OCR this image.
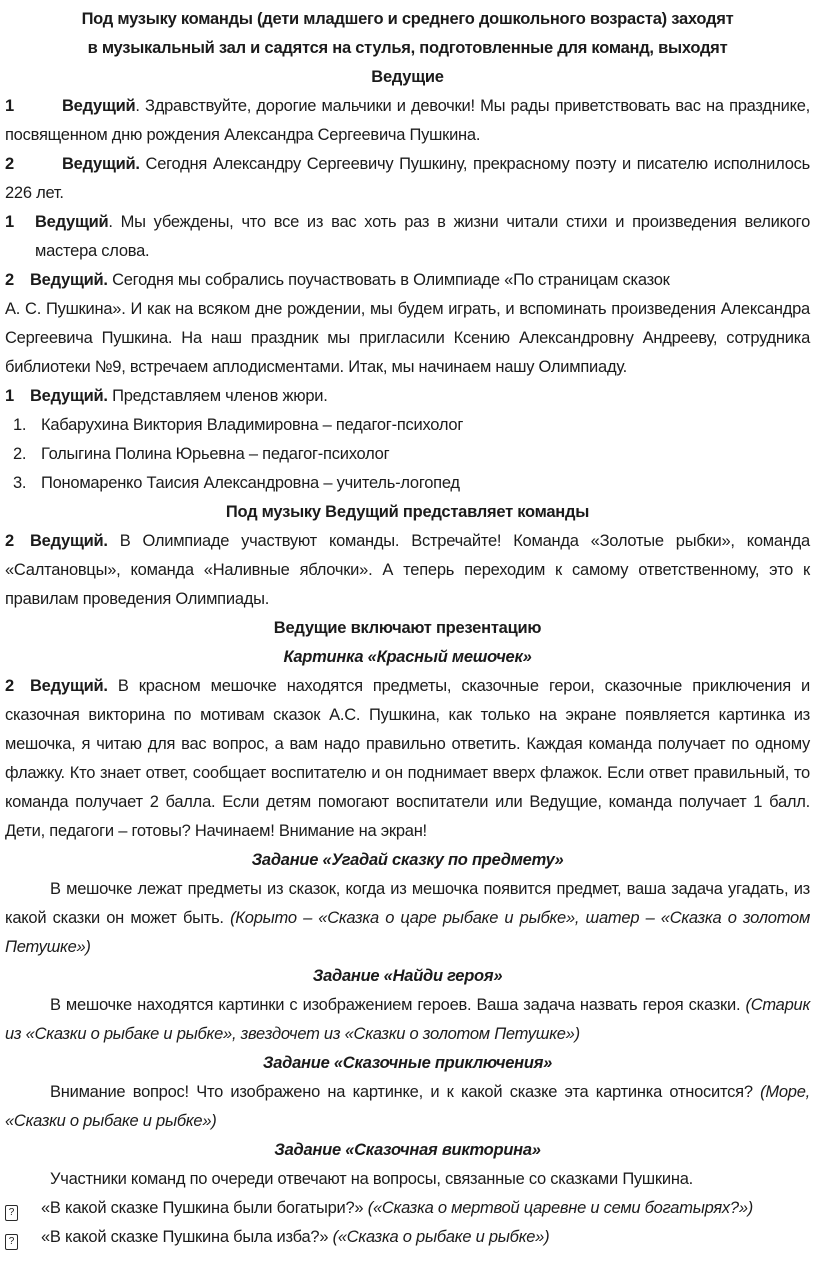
Под музыку команды (дети младшего и среднего дошкольного возраста) заходят
в музыкальный зал и садятся на стулья, подготовленные для команд, выходят
Ведущие
1	Ведущий. Здравствуйте, дорогие мальчики и девочки! Мы рады приветствовать вас на празднике, посвященном дню рождения Александра Сергеевича Пушкина.
2	Ведущий. Сегодня Александру Сергеевичу Пушкину, прекрасному поэту и писателю исполнилось 226 лет.
1 Ведущий. Мы убеждены, что все из вас хоть раз в жизни читали стихи и произведения великого мастера слова.
2 Ведущий. Сегодня мы собрались поучаствовать в Олимпиаде «По страницам сказок
А. С. Пушкина». И как на всяком дне рождении, мы будем играть, и вспоминать произведения Александра Сергеевича Пушкина. На наш праздник мы пригласили Ксению Александровну Андрееву, сотрудника библиотеки №9, встречаем аплодисментами. Итак, мы начинаем нашу Олимпиаду.
1 Ведущий. Представляем членов жюри.
1. Кабарухина Виктория Владимировна – педагог-психолог
2. Голыгина Полина Юрьевна – педагог-психолог
3. Пономаренко Таисия Александровна – учитель-логопед
Под музыку Ведущий представляет команды
2 Ведущий. В Олимпиаде участвуют команды. Встречайте! Команда «Золотые рыбки», команда «Салтановцы», команда «Наливные яблочки». А теперь переходим к самому ответственному, это к правилам проведения Олимпиады.
Ведущие включают презентацию
Картинка «Красный мешочек»
2 Ведущий. В красном мешочке находятся предметы, сказочные герои, сказочные приключения и сказочная викторина по мотивам сказок А.С. Пушкина, как только на экране появляется картинка из мешочка, я читаю для вас вопрос, а вам надо правильно ответить. Каждая команда получает по одному флажку. Кто знает ответ, сообщает воспитателю и он поднимает вверх флажок. Если ответ правильный, то команда получает 2 балла. Если детям помогают воспитатели или Ведущие, команда получает 1 балл. Дети, педагоги – готовы? Начинаем! Внимание на экран!
Задание «Угадай сказку по предмету»
В мешочке лежат предметы из сказок, когда из мешочка появится предмет, ваша задача угадать, из какой сказки он может быть. (Корыто – «Сказка о царе рыбаке и рыбке», шатер – «Сказка о золотом Петушке»)
Задание «Найди героя»
В мешочке находятся картинки с изображением героев. Ваша задача назвать героя сказки. (Старик из «Сказки о рыбаке и рыбке», звездочет из «Сказки о золотом Петушке»)
Задание «Сказочные приключения»
Внимание вопрос! Что изображено на картинке, и к какой сказке эта картинка относится? (Море, «Сказки о рыбаке и рыбке»)
Задание «Сказочная викторина»
Участники команд по очереди отвечают на вопросы, связанные со сказками Пушкина.
? «В какой сказке Пушкина были богатыри?» («Сказка о мертвой царевне и семи богатырях?»)
? «В какой сказке Пушкина была изба?» («Сказка о рыбаке и рыбке»)
